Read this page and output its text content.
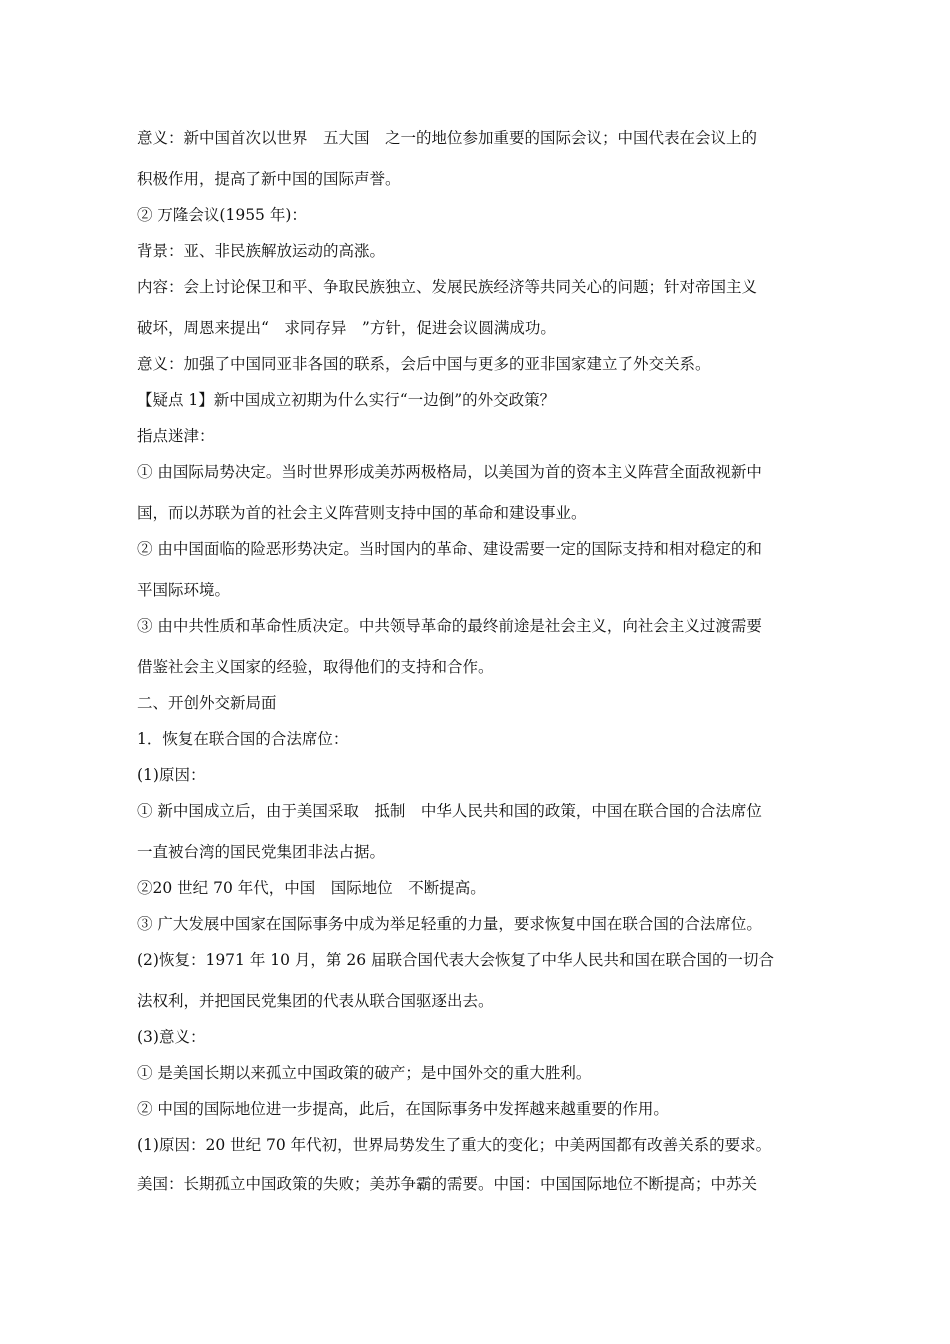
意义：新中国首次以世界　五大国　之一的地位参加重要的国际会议；中国代表在会议上的
积极作用，提高了新中国的国际声誉。
② 万隆会议(1955 年)：
背景：亚、非民族解放运动的高涨。
内容：会上讨论保卫和平、争取民族独立、发展民族经济等共同关心的问题；针对帝国主义
破坏，周恩来提出“　求同存异　”方针，促进会议圆满成功。
意义：加强了中国同亚非各国的联系，会后中国与更多的亚非国家建立了外交关系。
【疑点 1】新中国成立初期为什么实行“一边倒”的外交政策？
指点迷津：
① 由国际局势决定。当时世界形成美苏两极格局，以美国为首的资本主义阵营全面敌视新中
国，而以苏联为首的社会主义阵营则支持中国的革命和建设事业。
② 由中国面临的险恶形势决定。当时国内的革命、建设需要一定的国际支持和相对稳定的和
平国际环境。
③ 由中共性质和革命性质决定。中共领导革命的最终前途是社会主义，向社会主义过渡需要
借鉴社会主义国家的经验，取得他们的支持和合作。
二、开创外交新局面
1．恢复在联合国的合法席位：
(1)原因：
① 新中国成立后，由于美国采取　抵制　中华人民共和国的政策，中国在联合国的合法席位
一直被台湾的国民党集团非法占据。
②20 世纪 70 年代，中国　国际地位　不断提高。
③ 广大发展中国家在国际事务中成为举足轻重的力量，要求恢复中国在联合国的合法席位。
(2)恢复：1971 年 10 月，第 26 届联合国代表大会恢复了中华人民共和国在联合国的一切合
法权利，并把国民党集团的代表从联合国驱逐出去。
(3)意义：
① 是美国长期以来孤立中国政策的破产；是中国外交的重大胜利。
② 中国的国际地位进一步提高，此后，在国际事务中发挥越来越重要的作用。
(1)原因：20 世纪 70 年代初，世界局势发生了重大的变化；中美两国都有改善关系的要求。
美国：长期孤立中国政策的失败；美苏争霸的需要。中国：中国国际地位不断提高；中苏关
